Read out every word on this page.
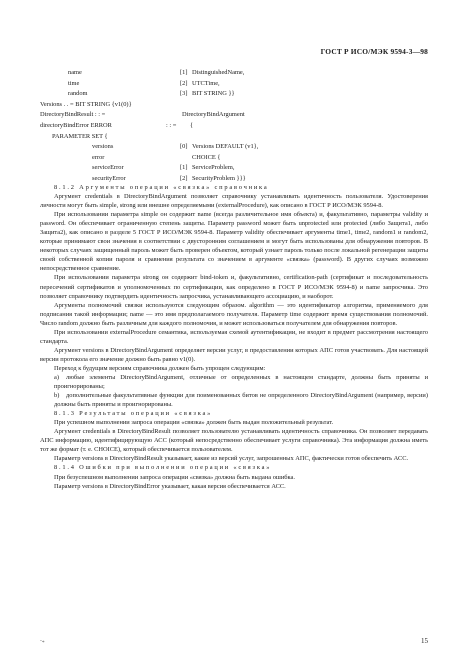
ГОСТ Р ИСО/МЭК 9594-3—98
name	[1] DistinguishedName,
time	[2] UTCTime,
random	[3] BIT STRING }}
Versions . . = BIT STRING {v1(0)}
DirectoryBindResult : : =	DirectoryBindArgument
directoryBindError ERROR	: : = {
PARAMETER SET {
versions	[0] Versions DEFAULT (v1},
error	CHOICE {
serviceError	[1] ServiceProblem,
securityError	[2] SecurityProblem }}}

8.1.2 Аргументы операции «связка» справочника

Аргумент credentials в DirectoryBindArgument позволяет справочнику устанавливать идентичность пользователя. Удостоверения личности могут быть simple, strong или внешне определяемыми (externalProcedure), как описано в ГОСТ Р ИСО/МЭК 9594-8.

При использовании параметра simple он содержит name (всегда различительное имя объекта) и, факультативно, параметры validity и password. Он обеспечивает ограниченную степень защиты. Параметр password может быть unprotected или protected (либо Защита1, либо Защита2), как описано в разделе 5 ГОСТ Р ИСО/МЭК 9594-8. Параметр validity обеспечивает аргументы time1, time2, random1 и random2, которые принимают свои значения в соответствии с двусторонним соглашением и могут быть использованы для обнаружения повторов. В некоторых случаях защищенный пароль может быть проверен объектом, который узнает пароль только после локальной регенерации защиты своей собственной копии пароля и сравнения результата со значением в аргументе «связка» (password). В других случаях возможно непосредственное сравнение.

При использовании параметра strong он содержит bind-token и, факультативно, certification-path (сертификат и последовательность пересечений сертификатов и уполномоченных по сертификации, как определено в ГОСТ Р ИСО/МЭК 9594-8) и name запросчика. Это позволяет справочнику подтвердить идентичность запросчика, устанавливающего ассоциацию, и наоборот.

Аргументы полномочий связки используются следующим образом. algorithm — это идентификатор алгоритма, применяемого для подписания такой информации; name — это имя предполагаемого получателя. Параметр time содержит время существования полномочий. Число random должно быть различным для каждого полномочия, и может использоваться получателем для обнаружения повторов.

При использовании externalProcedure семантика, используемая схемой аутентификации, не входит в предмет рассмотрения настоящего стандарта.

Аргумент versions в DirectoryBindArgument определяет версии услуг, в предоставлении которых АПС готов участвовать. Для настоящей версии протокола его значение должно быть равно v1(0).

Переход к будущим версиям справочника должен быть упрощен следующим:

а) любые элементы DirectoryBindArgument, отличные от определенных в настоящем стандарте, должны быть приняты и проигнорированы;

b) дополнительные факультативные функции для поименованных битов не определенного DirectoryBindArgument (например, версии) должны быть приняты и проигнорированы.

8.1.3 Результаты операции «связка»

При успешном выполнении запроса операции «связка» должен быть выдан положительный результат.

Аргумент credentials в DirectoryBindResult позволяет пользователю устанавливать идентичность справочника. Он позволяет передавать АПС информацию, идентифицирующую АСС (который непосредственно обеспечивает услуги справочника). Эта информация должна иметь тот же формат (т. е. CHOICE), который обеспечивается пользователем.

Параметр versions в DirectoryBindResult указывает, какие из версий услуг, запрошенных АПС, фактически готов обеспечить АСС.

8.1.4 Ошибки при выполнении операции «связка»

При безуспешном выполнении запроса операции «связка» должна быть выдана ошибка.

Параметр versions в DirectoryBindError указывает, какая версия обеспечивается АСС.

ˇ*	15
